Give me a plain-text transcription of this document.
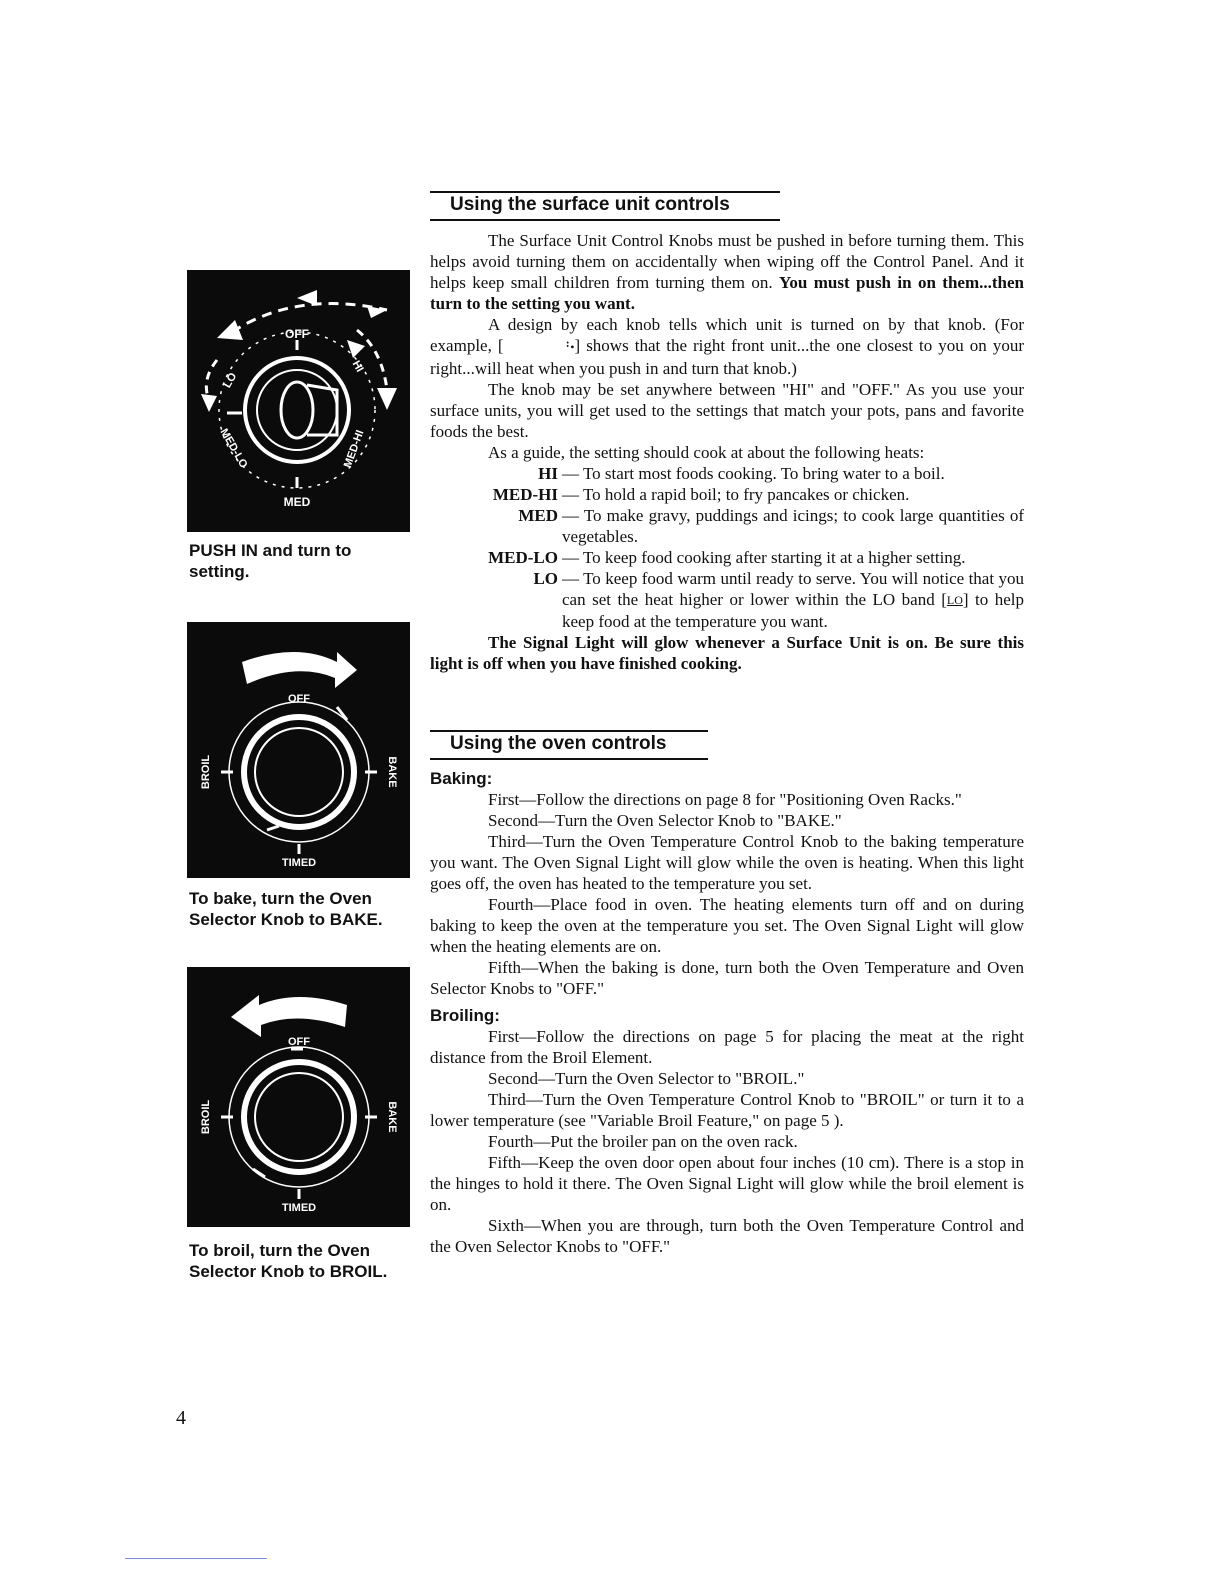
OFF
MED
LO
HI
MED-LO	MED-HI
PUSH IN and turn to setting.
OFF
TIMED
BROIL	BAKE
To bake, turn the Oven Selector Knob to BAKE.
OFF
TIMED
BROIL	BAKE
To broil, turn the Oven Selector Knob to BROIL.
Using the surface unit controls

The Surface Unit Control Knobs must be pushed in before turning them. This helps avoid turning them on accidentally when wiping off the Control Panel. And it helps keep small children from turning them on. You must push in on them...then turn to the setting you want.

A design by each knob tells which unit is turned on by that knob. (For example, [	⠘•] shows that the right front unit...the one closest to you on your right...will heat when you push in and turn that knob.)

The knob may be set anywhere between "HI" and "OFF." As you use your surface units, you will get used to the settings that match your pots, pans and favorite foods the best.

As a guide, the setting should cook at about the following heats:

HI — To start most foods cooking. To bring water to a boil.
MED-HI — To hold a rapid boil; to fry pancakes or chicken.
MED — To make gravy, puddings and icings; to cook large quantities of vegetables.
MED-LO — To keep food cooking after starting it at a higher setting.
LO — To keep food warm until ready to serve. You will notice that you can set the heat higher or lower within the LO band [LO] to help keep food at the temperature you want.

The Signal Light will glow whenever a Surface Unit is on. Be sure this light is off when you have finished cooking.

Using the oven controls

Baking:

First—Follow the directions on page 8 for "Positioning Oven Racks."

Second—Turn the Oven Selector Knob to "BAKE."

Third—Turn the Oven Temperature Control Knob to the baking temperature you want. The Oven Signal Light will glow while the oven is heating. When this light goes off, the oven has heated to the temperature you set.

Fourth—Place food in oven. The heating elements turn off and on during baking to keep the oven at the temperature you set. The Oven Signal Light will glow when the heating elements are on.

Fifth—When the baking is done, turn both the Oven Temperature and Oven Selector Knobs to "OFF."

Broiling:

First—Follow the directions on page 5 for placing the meat at the right distance from the Broil Element.

Second—Turn the Oven Selector to "BROIL."

Third—Turn the Oven Temperature Control Knob to "BROIL" or turn it to a lower temperature (see "Variable Broil Feature," on page 5 ).

Fourth—Put the broiler pan on the oven rack.

Fifth—Keep the oven door open about four inches (10 cm). There is a stop in the hinges to hold it there. The Oven Signal Light will glow while the broil element is on.

Sixth—When you are through, turn both the Oven Temperature Control and the Oven Selector Knobs to "OFF."

4
